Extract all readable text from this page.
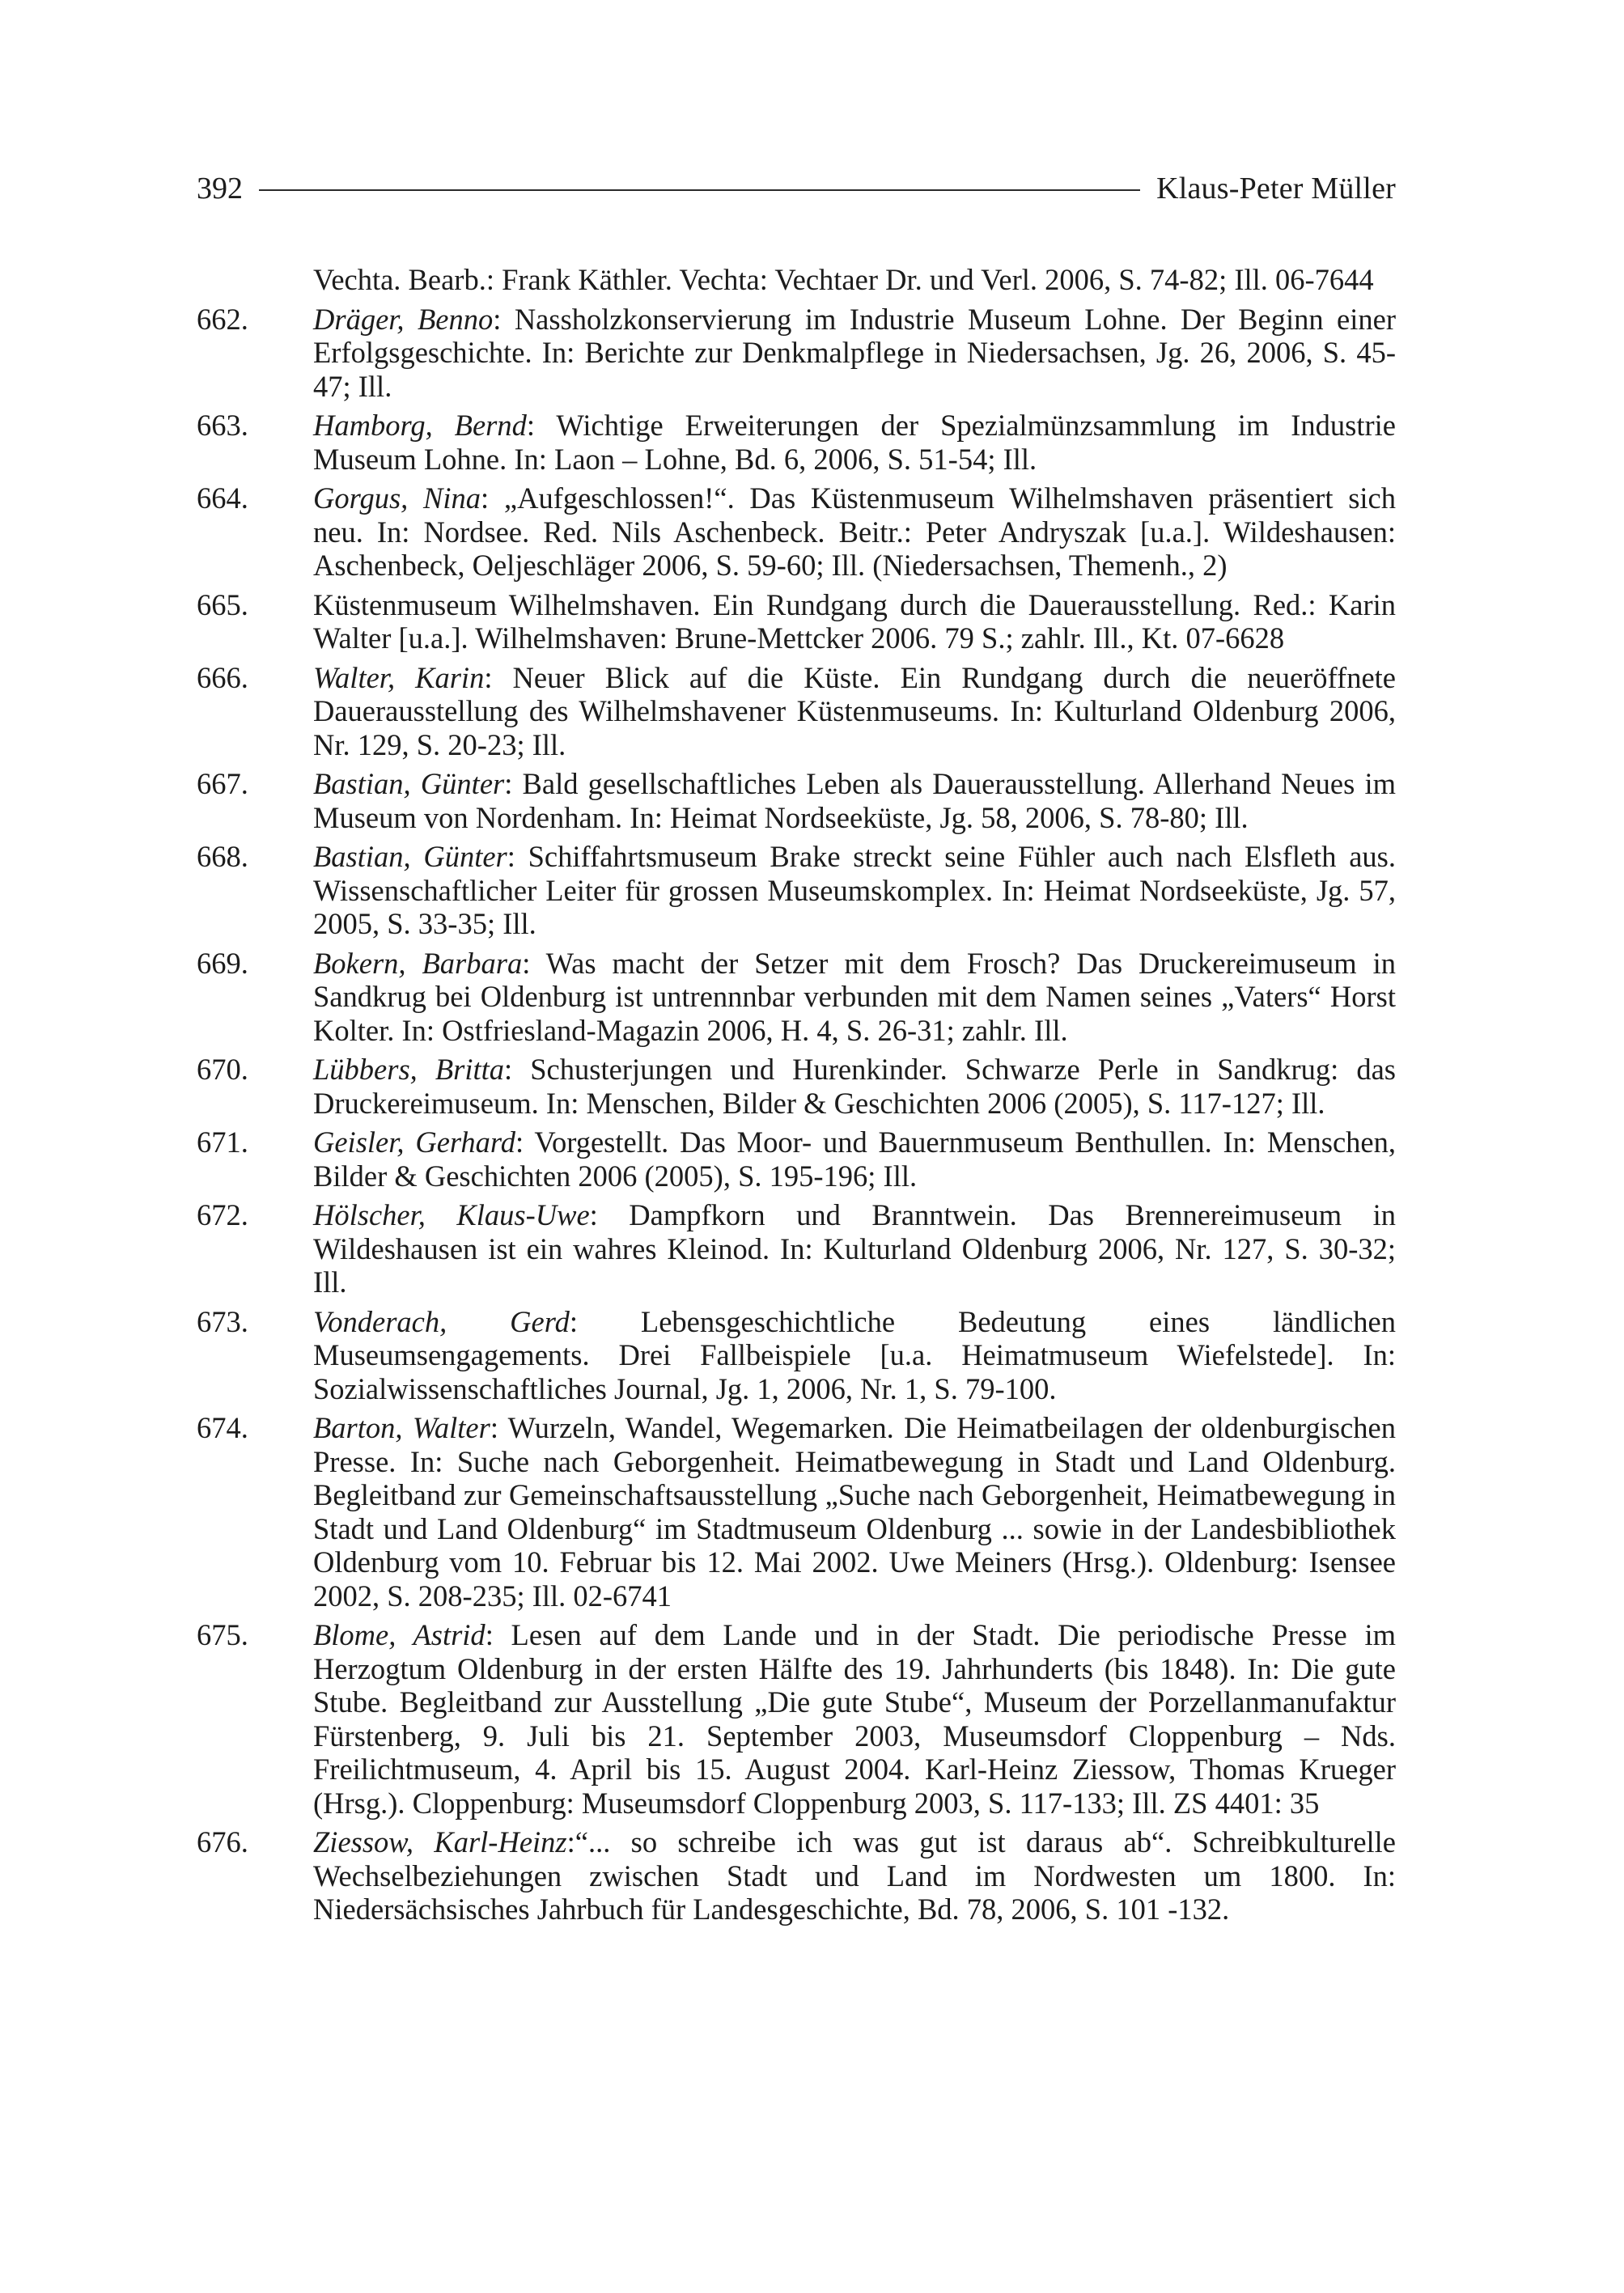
392	Klaus-Peter Müller
Vechta. Bearb.: Frank Käthler. Vechta: Vechtaer Dr. und Verl. 2006, S. 74-82; Ill. 06-7644
662.	Dräger, Benno: Nassholzkonservierung im Industrie Museum Lohne. Der Beginn einer Erfolgsgeschichte. In: Berichte zur Denkmalpflege in Niedersachsen, Jg. 26, 2006, S. 45-47; Ill.
663.	Hamborg, Bernd: Wichtige Erweiterungen der Spezialmünzsammlung im Industrie Museum Lohne. In: Laon – Lohne, Bd. 6, 2006, S. 51-54; Ill.
664.	Gorgus, Nina: „Aufgeschlossen!“. Das Küstenmuseum Wilhelmshaven präsentiert sich neu. In: Nordsee. Red. Nils Aschenbeck. Beitr.: Peter Andryszak [u.a.]. Wildeshausen: Aschenbeck, Oeljeschläger 2006, S. 59-60; Ill. (Niedersachsen, Themenh., 2)
665.	Küstenmuseum Wilhelmshaven. Ein Rundgang durch die Dauerausstellung. Red.: Karin Walter [u.a.]. Wilhelmshaven: Brune-Mettcker 2006. 79 S.; zahlr. Ill., Kt. 07-6628
666.	Walter, Karin: Neuer Blick auf die Küste. Ein Rundgang durch die neueröffnete Dauerausstellung des Wilhelmshavener Küstenmuseums. In: Kulturland Oldenburg 2006, Nr. 129, S. 20-23; Ill.
667.	Bastian, Günter: Bald gesellschaftliches Leben als Dauerausstellung. Allerhand Neues im Museum von Nordenham. In: Heimat Nordseeküste, Jg. 58, 2006, S. 78-80; Ill.
668.	Bastian, Günter: Schiffahrtsmuseum Brake streckt seine Fühler auch nach Elsfleth aus. Wissenschaftlicher Leiter für grossen Museumskomplex. In: Heimat Nordseeküste, Jg. 57, 2005, S. 33-35; Ill.
669.	Bokern, Barbara: Was macht der Setzer mit dem Frosch? Das Druckereimuseum in Sandkrug bei Oldenburg ist untrennnbar verbunden mit dem Namen seines „Vaters“ Horst Kolter. In: Ostfriesland-Magazin 2006, H. 4, S. 26-31; zahlr. Ill.
670.	Lübbers, Britta: Schusterjungen und Hurenkinder. Schwarze Perle in Sandkrug: das Druckereimuseum. In: Menschen, Bilder & Geschichten 2006 (2005), S. 117-127; Ill.
671.	Geisler, Gerhard: Vorgestellt. Das Moor- und Bauernmuseum Benthullen. In: Menschen, Bilder & Geschichten 2006 (2005), S. 195-196; Ill.
672.	Hölscher, Klaus-Uwe: Dampfkorn und Branntwein. Das Brennereimuseum in Wildeshausen ist ein wahres Kleinod. In: Kulturland Oldenburg 2006, Nr. 127, S. 30-32; Ill.
673.	Vonderach, Gerd: Lebensgeschichtliche Bedeutung eines ländlichen Museumsengagements. Drei Fallbeispiele [u.a. Heimatmuseum Wiefelstede]. In: Sozialwissenschaftliches Journal, Jg. 1, 2006, Nr. 1, S. 79-100.
674.	Barton, Walter: Wurzeln, Wandel, Wegemarken. Die Heimatbeilagen der oldenburgischen Presse. In: Suche nach Geborgenheit. Heimatbewegung in Stadt und Land Oldenburg. Begleitband zur Gemeinschaftsausstellung „Suche nach Geborgenheit, Heimatbewegung in Stadt und Land Oldenburg“ im Stadtmuseum Oldenburg ... sowie in der Landesbibliothek Oldenburg vom 10. Februar bis 12. Mai 2002. Uwe Meiners (Hrsg.). Oldenburg: Isensee 2002, S. 208-235; Ill. 02-6741
675.	Blome, Astrid: Lesen auf dem Lande und in der Stadt. Die periodische Presse im Herzogtum Oldenburg in der ersten Hälfte des 19. Jahrhunderts (bis 1848). In: Die gute Stube. Begleitband zur Ausstellung „Die gute Stube“, Museum der Porzellanmanufaktur Fürstenberg, 9. Juli bis 21. September 2003, Museumsdorf Cloppenburg – Nds. Freilichtmuseum, 4. April bis 15. August 2004. Karl-Heinz Ziessow, Thomas Krueger (Hrsg.). Cloppenburg: Museumsdorf Cloppenburg 2003, S. 117-133; Ill. ZS 4401: 35
676.	Ziessow, Karl-Heinz:“... so schreibe ich was gut ist daraus ab“. Schreibkulturelle Wechselbeziehungen zwischen Stadt und Land im Nordwesten um 1800. In: Niedersächsisches Jahrbuch für Landesgeschichte, Bd. 78, 2006, S. 101 -132.
